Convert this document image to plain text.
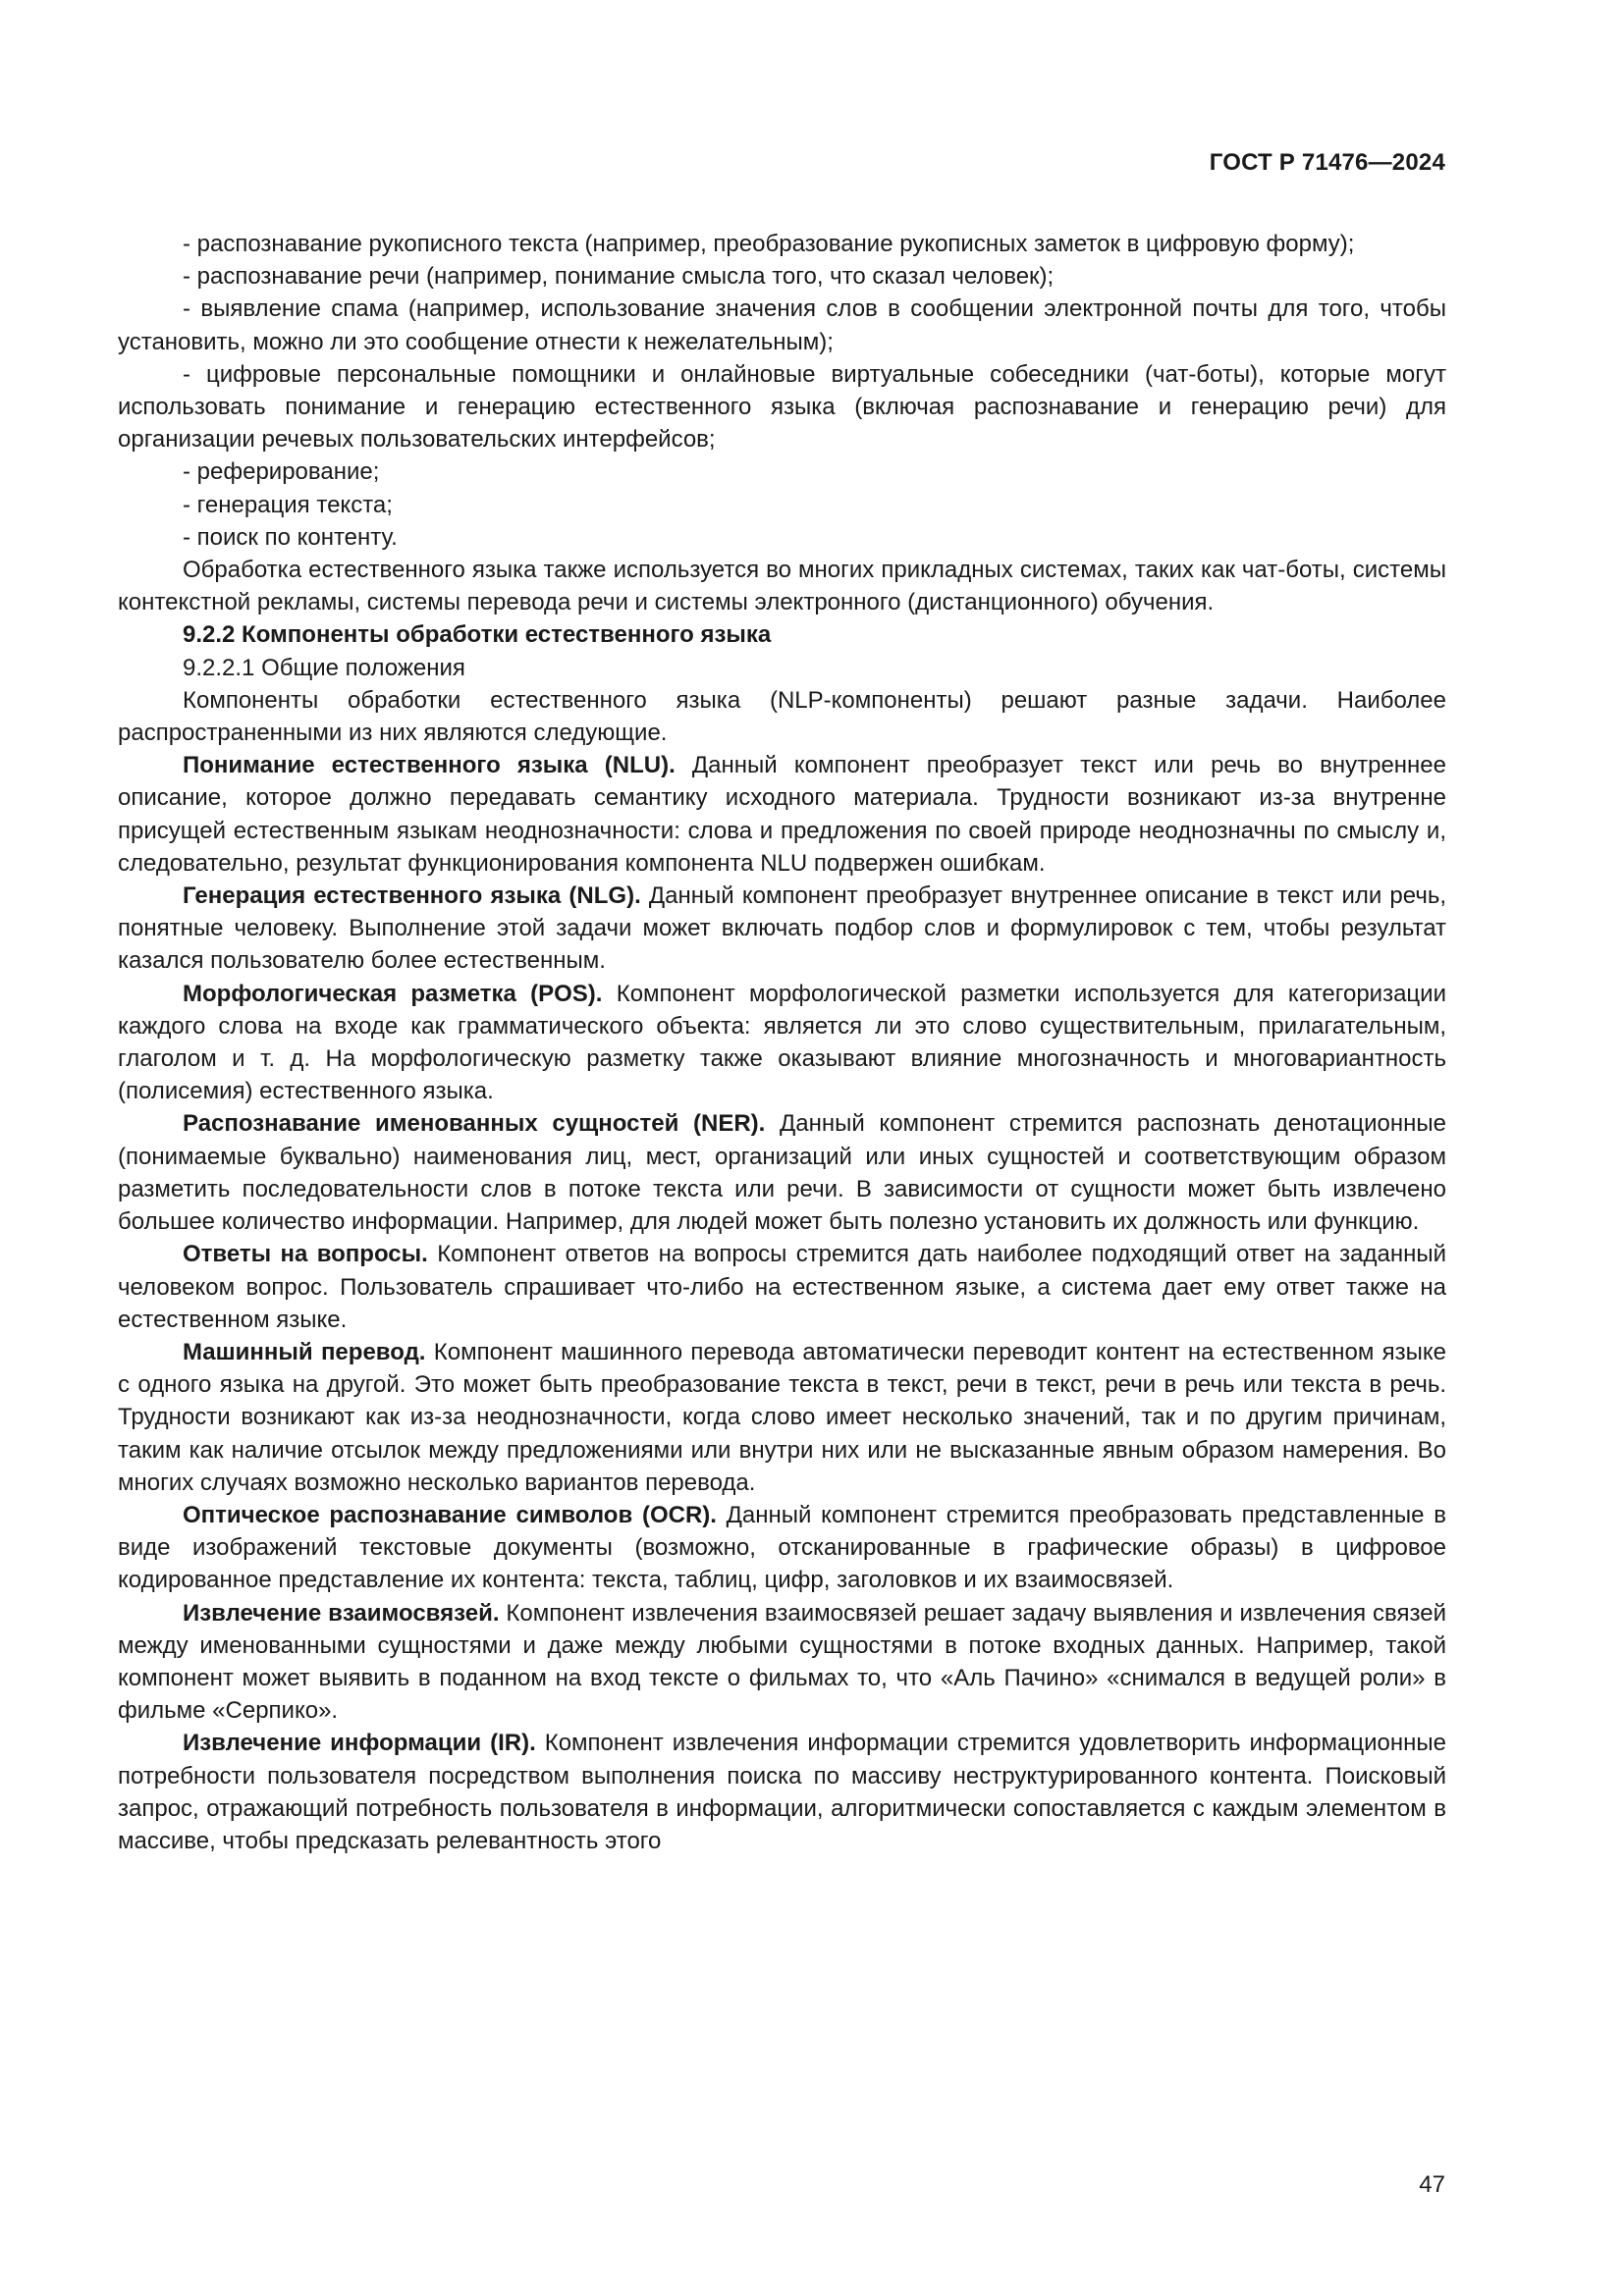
ГОСТ Р 71476—2024

- распознавание рукописного текста (например, преобразование рукописных заметок в цифровую форму);

- распознавание речи (например, понимание смысла того, что сказал человек);

- выявление спама (например, использование значения слов в сообщении электронной почты для того, чтобы установить, можно ли это сообщение отнести к нежелательным);

- цифровые персональные помощники и онлайновые виртуальные собеседники (чат-боты), которые могут использовать понимание и генерацию естественного языка (включая распознавание и генерацию речи) для организации речевых пользовательских интерфейсов;

- реферирование;

- генерация текста;

- поиск по контенту.

Обработка естественного языка также используется во многих прикладных системах, таких как чат-боты, системы контекстной рекламы, системы перевода речи и системы электронного (дистанционного) обучения.

9.2.2 Компоненты обработки естественного языка

9.2.2.1 Общие положения

Компоненты обработки естественного языка (NLP-компоненты) решают разные задачи. Наиболее распространенными из них являются следующие.

Понимание естественного языка (NLU). Данный компонент преобразует текст или речь во внутреннее описание, которое должно передавать семантику исходного материала. Трудности возникают из-за внутренне присущей естественным языкам неоднозначности: слова и предложения по своей природе неоднозначны по смыслу и, следовательно, результат функционирования компонента NLU подвержен ошибкам.

Генерация естественного языка (NLG). Данный компонент преобразует внутреннее описание в текст или речь, понятные человеку. Выполнение этой задачи может включать подбор слов и формулировок с тем, чтобы результат казался пользователю более естественным.

Морфологическая разметка (POS). Компонент морфологической разметки используется для категоризации каждого слова на входе как грамматического объекта: является ли это слово существительным, прилагательным, глаголом и т. д. На морфологическую разметку также оказывают влияние многозначность и многовариантность (полисемия) естественного языка.

Распознавание именованных сущностей (NER). Данный компонент стремится распознать денотационные (понимаемые буквально) наименования лиц, мест, организаций или иных сущностей и соответствующим образом разметить последовательности слов в потоке текста или речи. В зависимости от сущности может быть извлечено большее количество информации. Например, для людей может быть полезно установить их должность или функцию.

Ответы на вопросы. Компонент ответов на вопросы стремится дать наиболее подходящий ответ на заданный человеком вопрос. Пользователь спрашивает что-либо на естественном языке, а система дает ему ответ также на естественном языке.

Машинный перевод. Компонент машинного перевода автоматически переводит контент на естественном языке с одного языка на другой. Это может быть преобразование текста в текст, речи в текст, речи в речь или текста в речь. Трудности возникают как из-за неоднозначности, когда слово имеет несколько значений, так и по другим причинам, таким как наличие отсылок между предложениями или внутри них или не высказанные явным образом намерения. Во многих случаях возможно несколько вариантов перевода.

Оптическое распознавание символов (OCR). Данный компонент стремится преобразовать представленные в виде изображений текстовые документы (возможно, отсканированные в графические образы) в цифровое кодированное представление их контента: текста, таблиц, цифр, заголовков и их взаимосвязей.

Извлечение взаимосвязей. Компонент извлечения взаимосвязей решает задачу выявления и извлечения связей между именованными сущностями и даже между любыми сущностями в потоке входных данных. Например, такой компонент может выявить в поданном на вход тексте о фильмах то, что «Аль Пачино» «снимался в ведущей роли» в фильме «Серпико».

Извлечение информации (IR). Компонент извлечения информации стремится удовлетворить информационные потребности пользователя посредством выполнения поиска по массиву неструктурированного контента. Поисковый запрос, отражающий потребность пользователя в информации, алгоритмически сопоставляется с каждым элементом в массиве, чтобы предсказать релевантность этого

47
